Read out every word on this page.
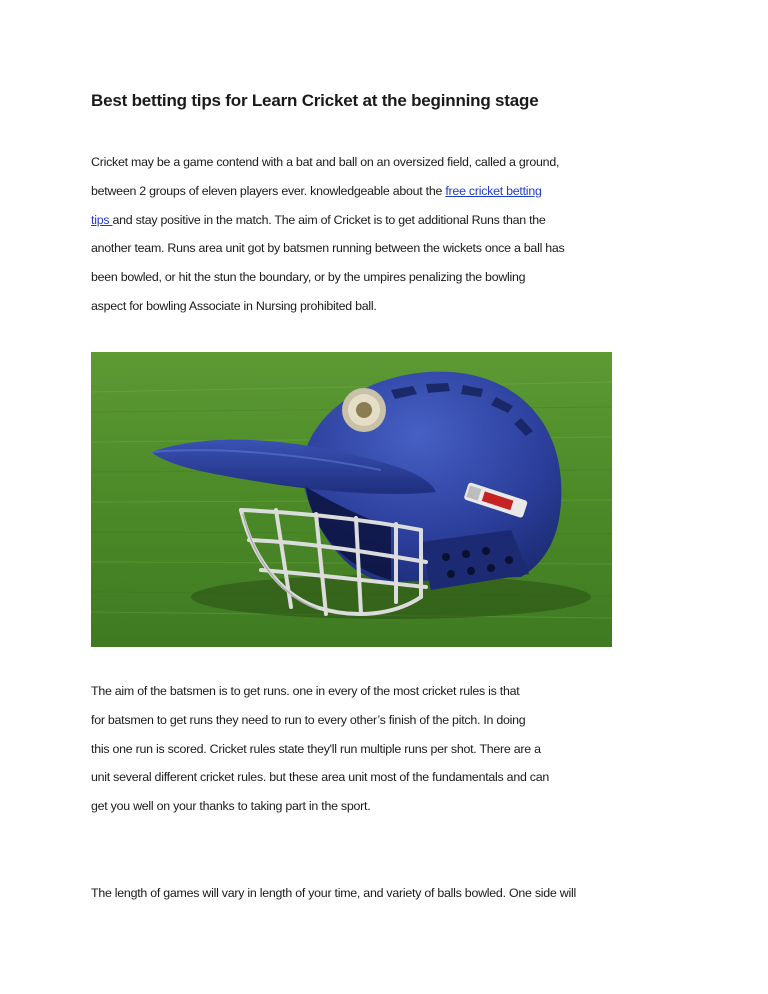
Best betting tips for Learn Cricket at the beginning stage
Cricket may be a game contend with a bat and ball on an oversized field, called a ground,
between 2 groups of eleven players ever. knowledgeable about the free cricket betting
tips and stay positive in the match. The aim of Cricket is to get additional Runs than the
another team. Runs area unit got by batsmen running between the wickets once a ball has
been bowled, or hit the stun the boundary, or by the umpires penalizing the bowling
aspect for bowling Associate in Nursing prohibited ball.
The aim of the batsmen is to get runs. one in every of the most cricket rules is that
for batsmen to get runs they need to run to every other’s finish of the pitch. In doing
this one run is scored. Cricket rules state they'll run multiple runs per shot. There are a
unit several different cricket rules. but these area unit most of the fundamentals and can
get you well on your thanks to taking part in the sport.
The length of games will vary in length of your time, and variety of balls bowled. One side will
